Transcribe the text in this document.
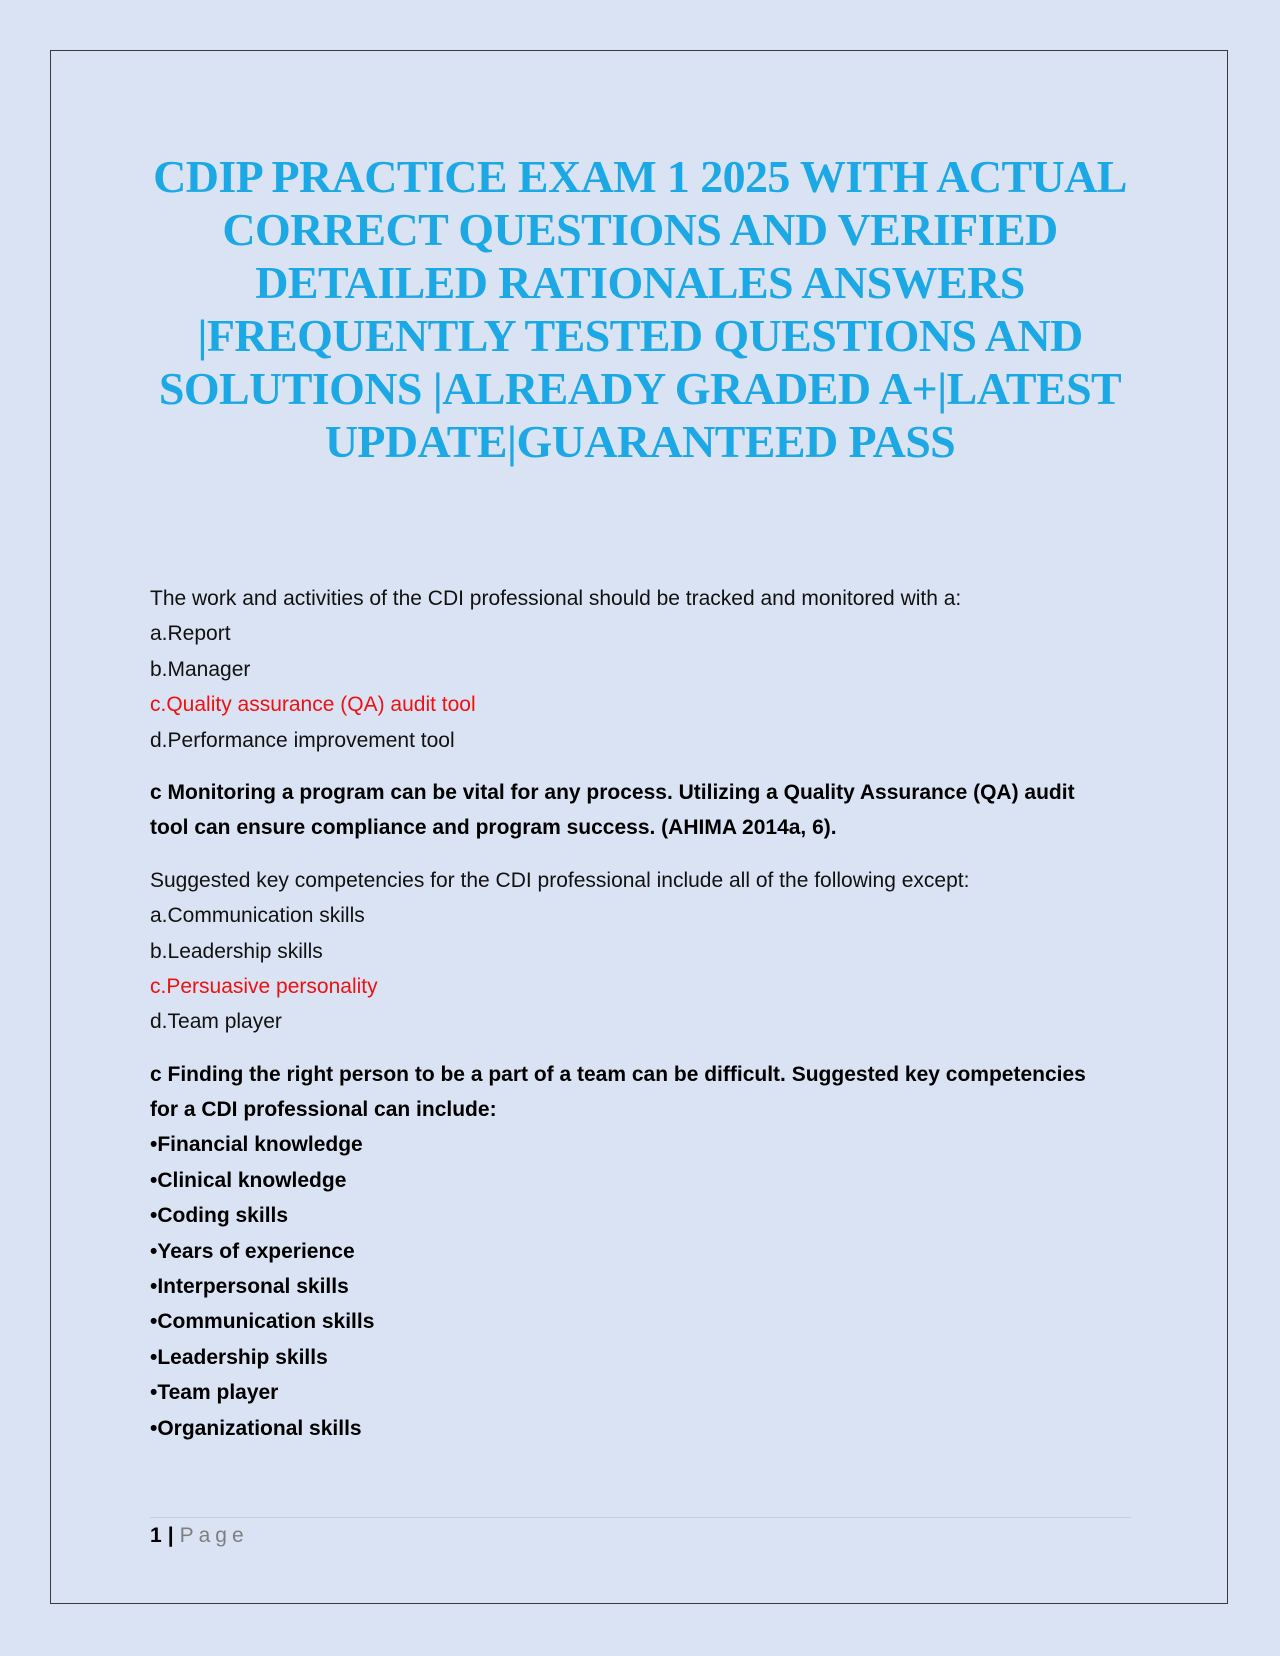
CDIP PRACTICE EXAM 1 2025 WITH ACTUAL
CORRECT QUESTIONS AND VERIFIED
DETAILED RATIONALES ANSWERS
|FREQUENTLY TESTED QUESTIONS AND
SOLUTIONS |ALREADY GRADED A+|LATEST
UPDATE|GUARANTEED PASS
The work and activities of the CDI professional should be tracked and monitored with a:
a.Report
b.Manager
c.Quality assurance (QA) audit tool
d.Performance improvement tool
c Monitoring a program can be vital for any process. Utilizing a Quality Assurance (QA) audit
tool can ensure compliance and program success. (AHIMA 2014a, 6).
Suggested key competencies for the CDI professional include all of the following except:
a.Communication skills
b.Leadership skills
c.Persuasive personality
d.Team player
c Finding the right person to be a part of a team can be difficult. Suggested key competencies
for a CDI professional can include:
•Financial knowledge
•Clinical knowledge
•Coding skills
•Years of experience
•Interpersonal skills
•Communication skills
•Leadership skills
•Team player
•Organizational skills
1 | Page
